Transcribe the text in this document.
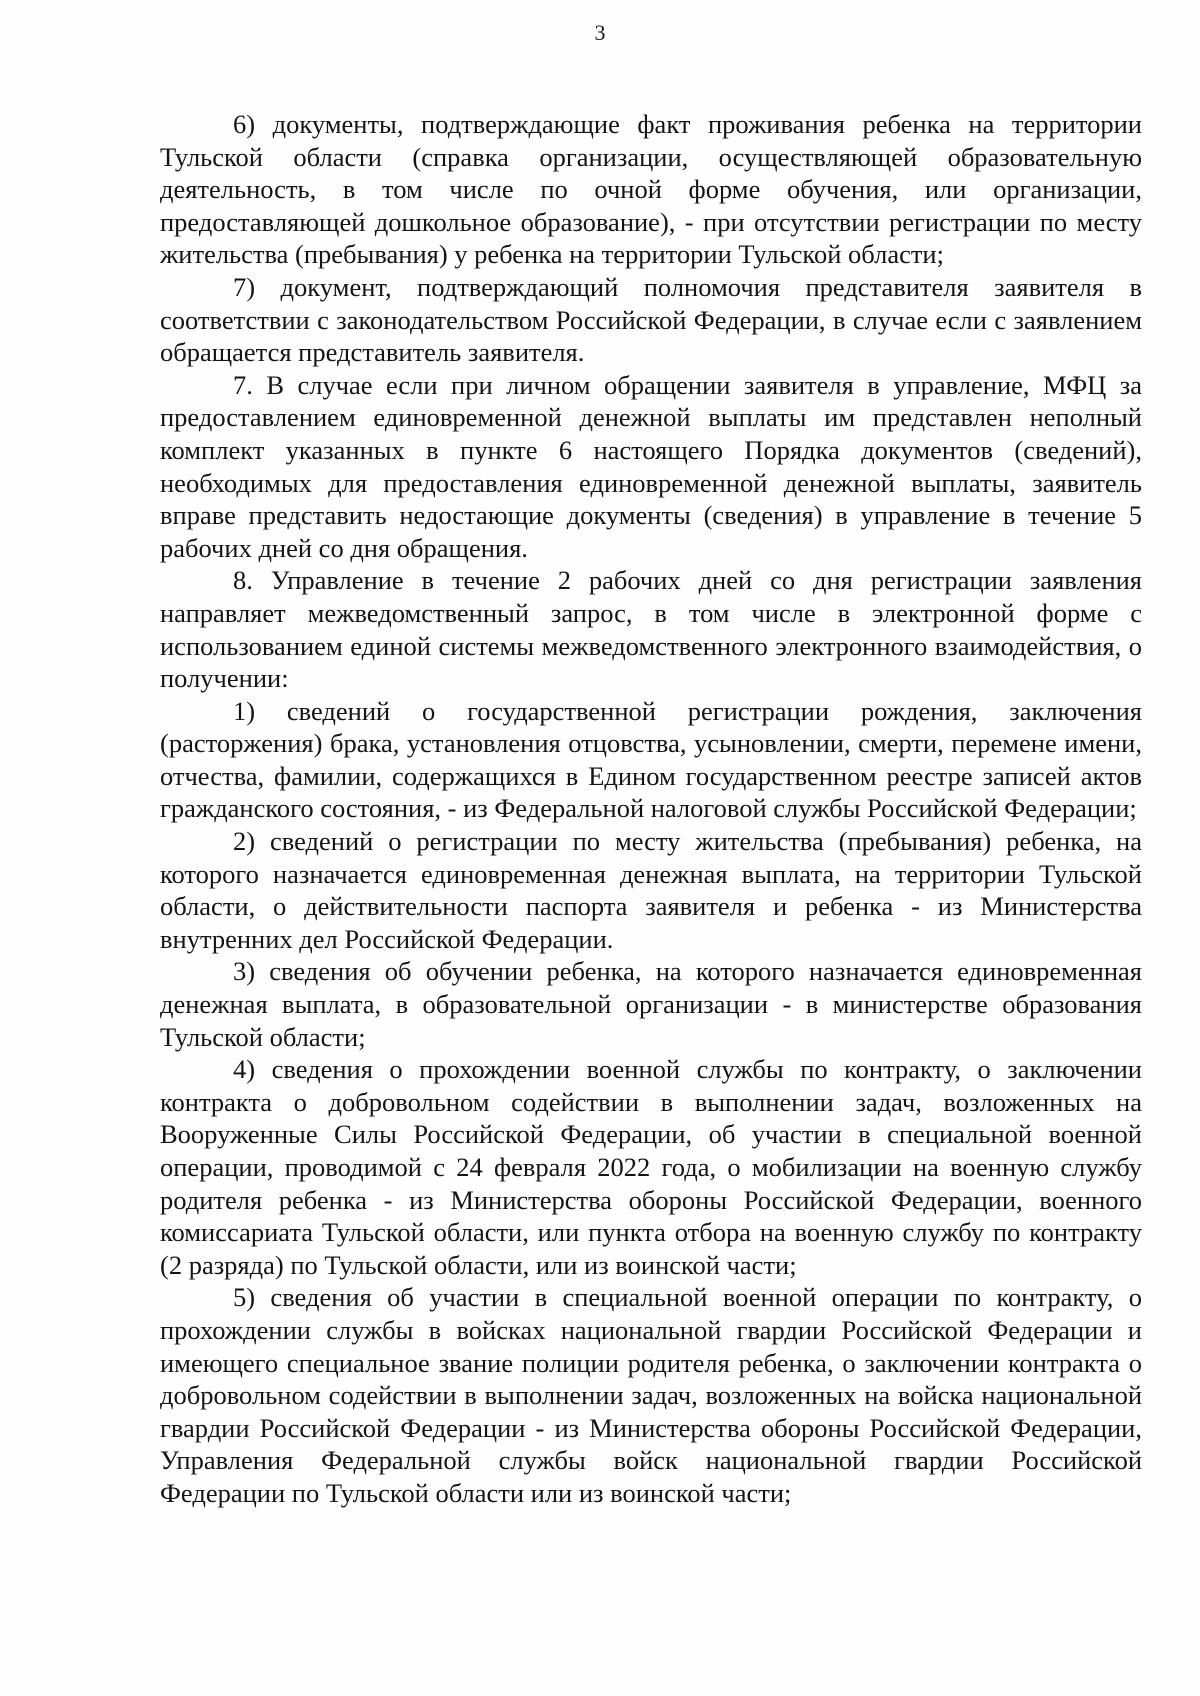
3

6) документы, подтверждающие факт проживания ребенка на территории Тульской области (справка организации, осуществляющей образовательную деятельность, в том числе по очной форме обучения, или организации, предоставляющей дошкольное образование), - при отсутствии регистрации по месту жительства (пребывания) у ребенка на территории Тульской области;

7) документ, подтверждающий полномочия представителя заявителя в соответствии с законодательством Российской Федерации, в случае если с заявлением обращается представитель заявителя.

7. В случае если при личном обращении заявителя в управление, МФЦ за предоставлением единовременной денежной выплаты им представлен неполный комплект указанных в пункте 6 настоящего Порядка документов (сведений), необходимых для предоставления единовременной денежной выплаты, заявитель вправе представить недостающие документы (сведения) в управление в течение 5 рабочих дней со дня обращения.

8. Управление в течение 2 рабочих дней со дня регистрации заявления направляет межведомственный запрос, в том числе в электронной форме с использованием единой системы межведомственного электронного взаимодействия, о получении:

1) сведений о государственной регистрации рождения, заключения (расторжения) брака, установления отцовства, усыновлении, смерти, перемене имени, отчества, фамилии, содержащихся в Едином государственном реестре записей актов гражданского состояния, - из Федеральной налоговой службы Российской Федерации;

2) сведений о регистрации по месту жительства (пребывания) ребенка, на которого назначается единовременная денежная выплата, на территории Тульской области, о действительности паспорта заявителя и ребенка - из Министерства внутренних дел Российской Федерации.

3) сведения об обучении ребенка, на которого назначается единовременная денежная выплата, в образовательной организации - в министерстве образования Тульской области;

4) сведения о прохождении военной службы по контракту, о заключении контракта о добровольном содействии в выполнении задач, возложенных на Вооруженные Силы Российской Федерации, об участии в специальной военной операции, проводимой с 24 февраля 2022 года, о мобилизации на военную службу родителя ребенка - из Министерства обороны Российской Федерации, военного комиссариата Тульской области, или пункта отбора на военную службу по контракту (2 разряда) по Тульской области, или из воинской части;

5) сведения об участии в специальной военной операции по контракту, о прохождении службы в войсках национальной гвардии Российской Федерации и имеющего специальное звание полиции родителя ребенка, о заключении контракта о добровольном содействии в выполнении задач, возложенных на войска национальной гвардии Российской Федерации - из Министерства обороны Российской Федерации, Управления Федеральной службы войск национальной гвардии Российской Федерации по Тульской области или из воинской части;
